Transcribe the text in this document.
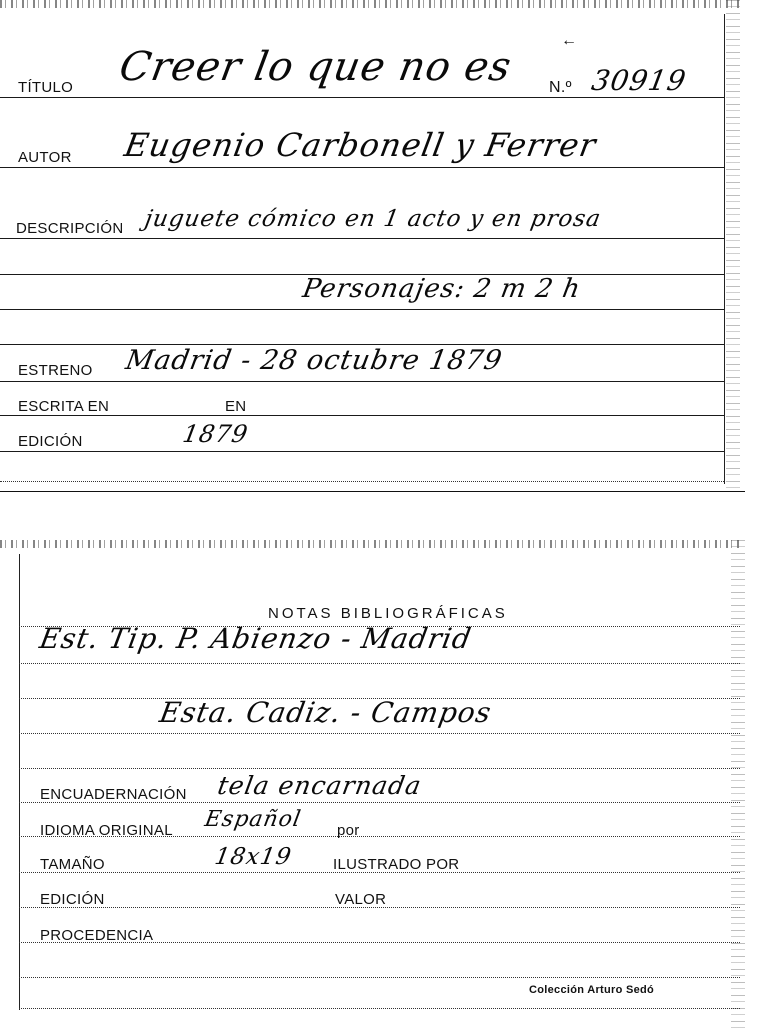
TÍTULO Creer lo que no es
←
N.º 30919
AUTOR Eugenio Carbonell y Ferrer
DESCRIPCIÓN juguete cómico en 1 acto y en prosa
Personajes: 2 m 2 h
ESTRENO Madrid - 28 octubre 1879
ESCRITA EN	EN
EDICIÓN	1879
NOTAS BIBLIOGRÁFICAS
Est. Tip. P. Abienzo - Madrid
Esta. Cadiz. - Campos
ENCUADERNACIÓN tela encarnada
IDIOMA ORIGINAL Español por
TAMAÑO	18x19	ILUSTRADO POR
EDICIÓN	VALOR
PROCEDENCIA
Colección Arturo Sedó
